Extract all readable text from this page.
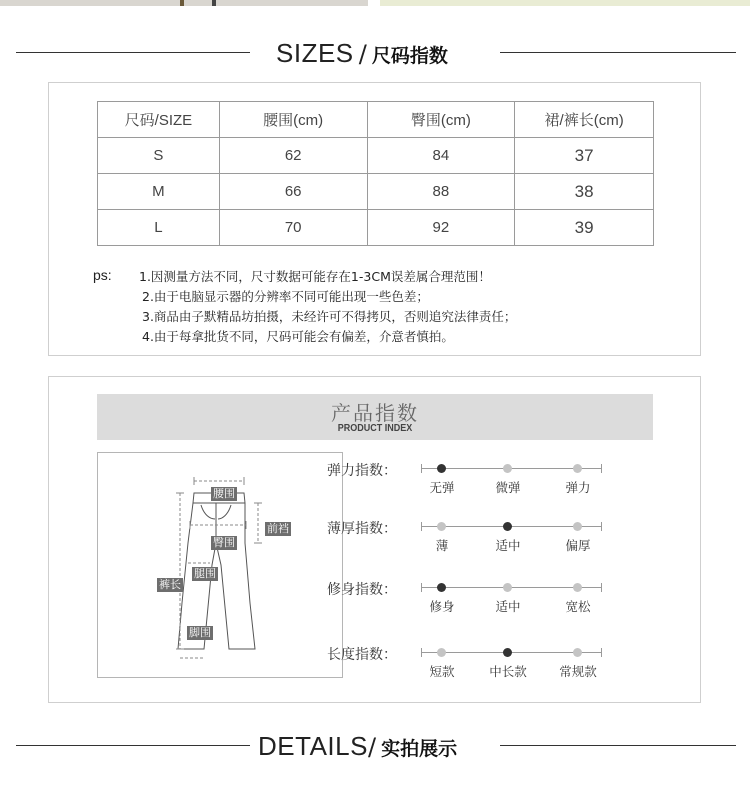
SIZES / 尺码指数
尺码/SIZE	腰围(cm)	臀围(cm)	裙/裤长(cm)
S	62	84	37
M	66	88	38
L	70	92	39
ps: 1.因测量方法不同，尺寸数据可能存在1-3CM误差属合理范围！
2.由于电脑显示器的分辨率不同可能出现一些色差；
3.商品由子默精品坊拍摄，未经许可不得拷贝，否则追究法律责任；
4.由于每拿批货不同，尺码可能会有偏差，介意者慎拍。
产品指数
PRODUCT INDEX
腰围
前裆
臀围
腿围
裤长
脚围
弹力指数：
无弹	微弹	弹力
薄厚指数：
薄	适中	偏厚
修身指数：
修身	适中	宽松
长度指数：
短款	中长款	常规款
DETAILS/ 实拍展示
